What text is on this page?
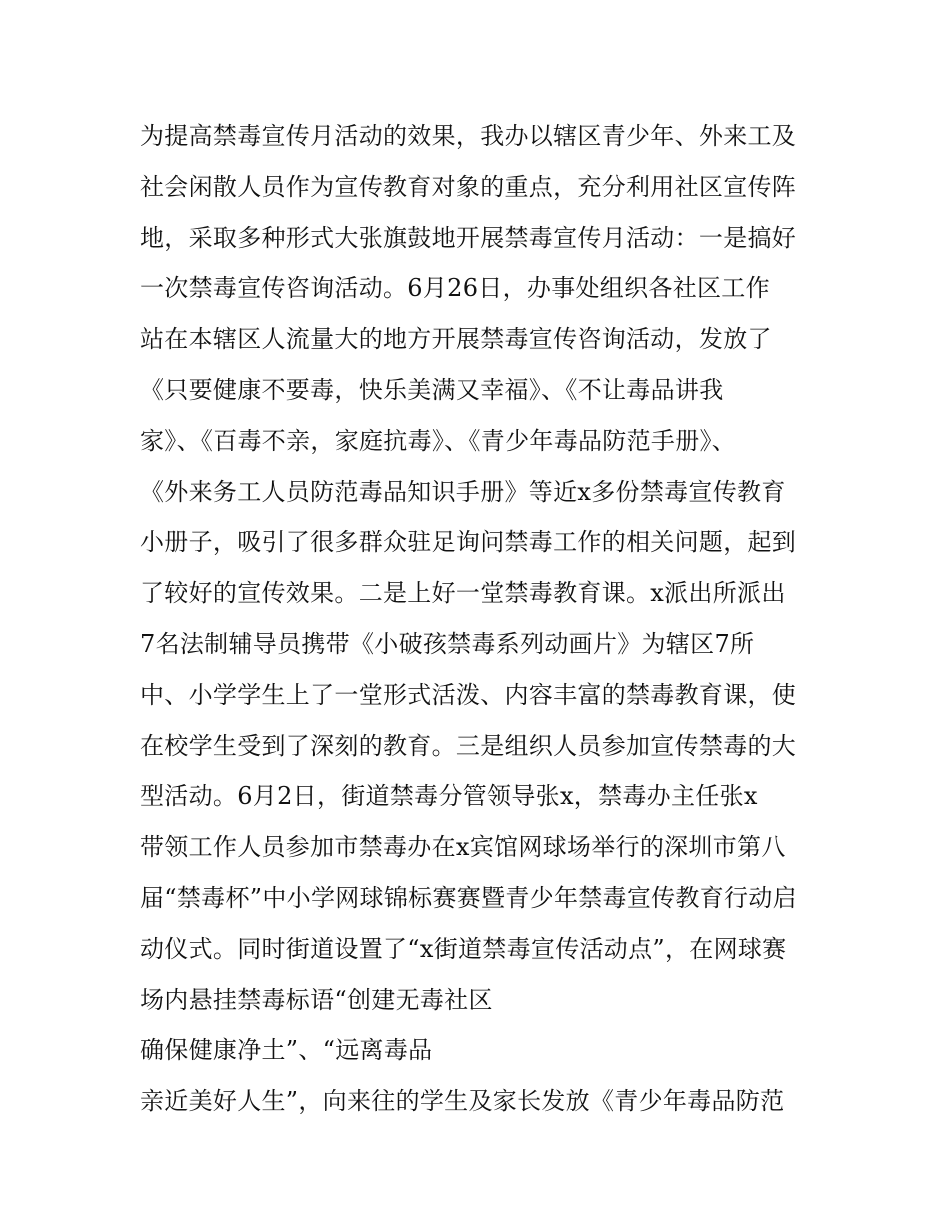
为提高禁毒宣传月活动的效果，我办以辖区青少年、外来工及
社会闲散人员作为宣传教育对象的重点，充分利用社区宣传阵
地，采取多种形式大张旗鼓地开展禁毒宣传月活动：一是搞好
一次禁毒宣传咨询活动。6月26日，办事处组织各社区工作
站在本辖区人流量大的地方开展禁毒宣传咨询活动，发放了
《只要健康不要毒，快乐美满又幸福》、《不让毒品讲我
家》、《百毒不亲，家庭抗毒》、《青少年毒品防范手册》、
《外来务工人员防范毒品知识手册》等近x多份禁毒宣传教育
小册子，吸引了很多群众驻足询问禁毒工作的相关问题，起到
了较好的宣传效果。二是上好一堂禁毒教育课。x派出所派出
7名法制辅导员携带《小破孩禁毒系列动画片》为辖区7所
中、小学学生上了一堂形式活泼、内容丰富的禁毒教育课，使
在校学生受到了深刻的教育。三是组织人员参加宣传禁毒的大
型活动。6月2日，街道禁毒分管领导张x，禁毒办主任张x
带领工作人员参加市禁毒办在x宾馆网球场举行的深圳市第八
届“禁毒杯”中小学网球锦标赛赛暨青少年禁毒宣传教育行动启
动仪式。同时街道设置了“x街道禁毒宣传活动点”，在网球赛
场内悬挂禁毒标语“创建无毒社区
确保健康净土”、“远离毒品
亲近美好人生”，向来往的学生及家长发放《青少年毒品防范
